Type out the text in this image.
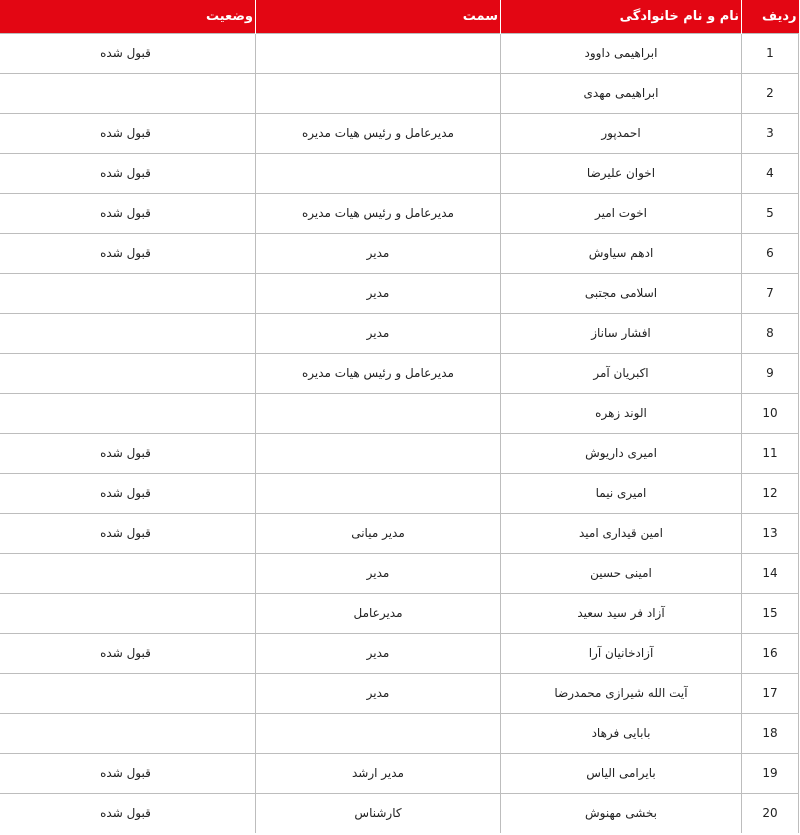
ردیف	نام و نام خانوادگی	سمت	وضعیت
1	ابراهیمی داوود		قبول شده
2	ابراهیمی مهدی		
3	احمدپور	مدیرعامل و رئیس هیات مدیره	قبول شده
4	اخوان علیرضا		قبول شده
5	اخوت امیر	مدیرعامل و رئیس هیات مدیره	قبول شده
6	ادهم سیاوش	مدیر	قبول شده
7	اسلامی مجتبی	مدیر	
8	افشار ساناز	مدیر	
9	اکبریان آمر	مدیرعامل و رئیس هیات مدیره	
10	الوند زهره		
11	امیری داریوش		قبول شده
12	امیری نیما		قبول شده
13	امین قیداری امید	مدیر میانی	قبول شده
14	امینی حسین	مدیر	
15	آزاد فر سید سعید	مدیرعامل	
16	آزادخانیان آرا	مدیر	قبول شده
17	آیت الله شیرازی محمدرضا	مدیر	
18	بابایی فرهاد		
19	بایرامی الیاس	مدیر ارشد	قبول شده
20	بخشی مهنوش	کارشناس	قبول شده
